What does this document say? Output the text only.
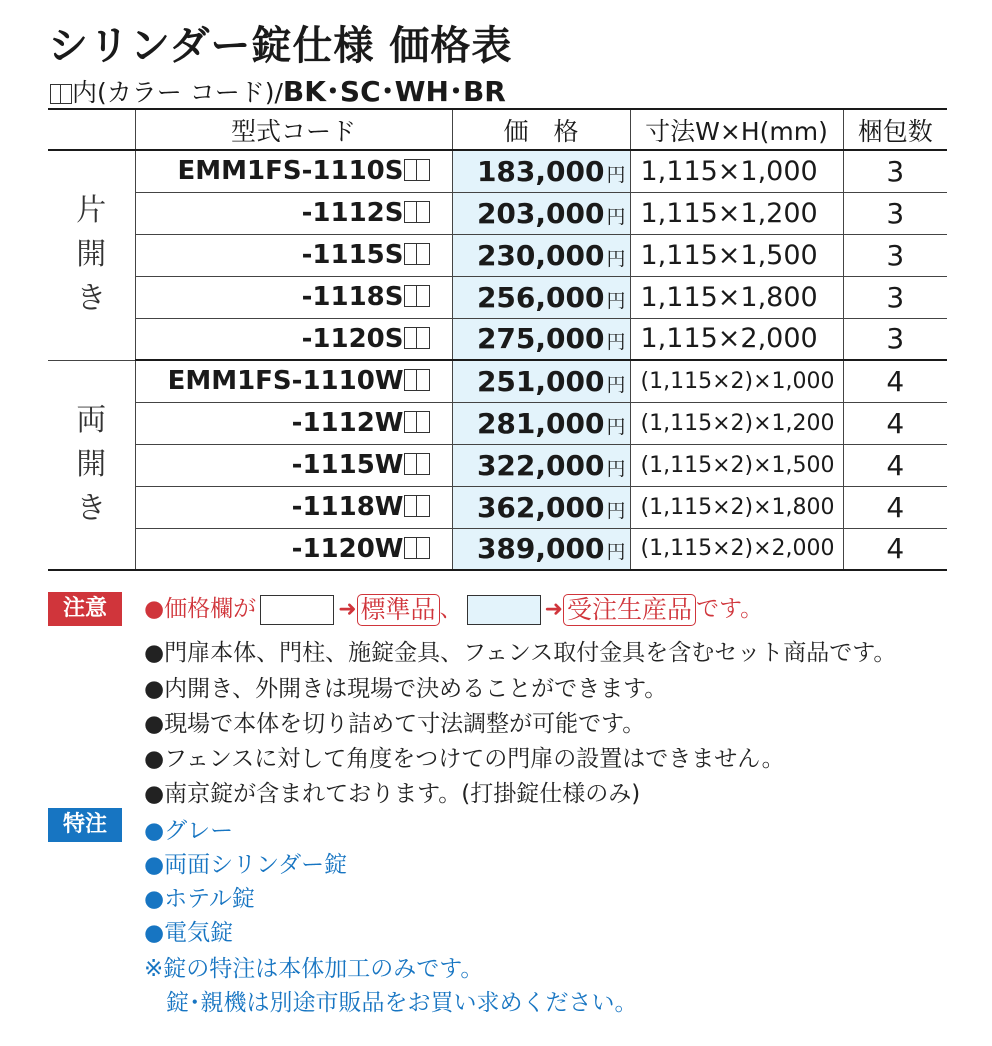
シリンダー錠仕様 価格表
内(カラー コード)/BK･SC･WH･BR
	型式コード	価　格	寸法W×H(mm)	梱包数

片
開
き	EMM1FS-1110S	183,000 円	1,115×1,000	3
	-1112S	203,000 円	1,115×1,200	3
	-1115S	230,000 円	1,115×1,500	3
	-1118S	256,000 円	1,115×1,800	3
	-1120S	275,000 円	1,115×2,000	3

両
開
き	EMM1FS-1110W	251,000 円	(1,115×2)×1,000	4
	-1112W	281,000 円	(1,115×2)×1,200	4
	-1115W	322,000 円	(1,115×2)×1,500	4
	-1118W	362,000 円	(1,115×2)×1,800	4
	-1120W	389,000 円	(1,115×2)×2,000	4
注意	●価格欄が	➜ 標準品 、	➜ 受注生産品 です。
●門扉本体、門柱、施錠金具、フェンス取付金具を含むセット商品です。
●内開き、外開きは現場で決めることができます。
●現場で本体を切り詰めて寸法調整が可能です。
●フェンスに対して角度をつけての門扉の設置はできません。
●南京錠が含まれております。(打掛錠仕様のみ)
特注	●グレー
●両面シリンダー錠
●ホテル錠
●電気錠
※錠の特注は本体加工のみです。
錠･親機は別途市販品をお買い求めください。
